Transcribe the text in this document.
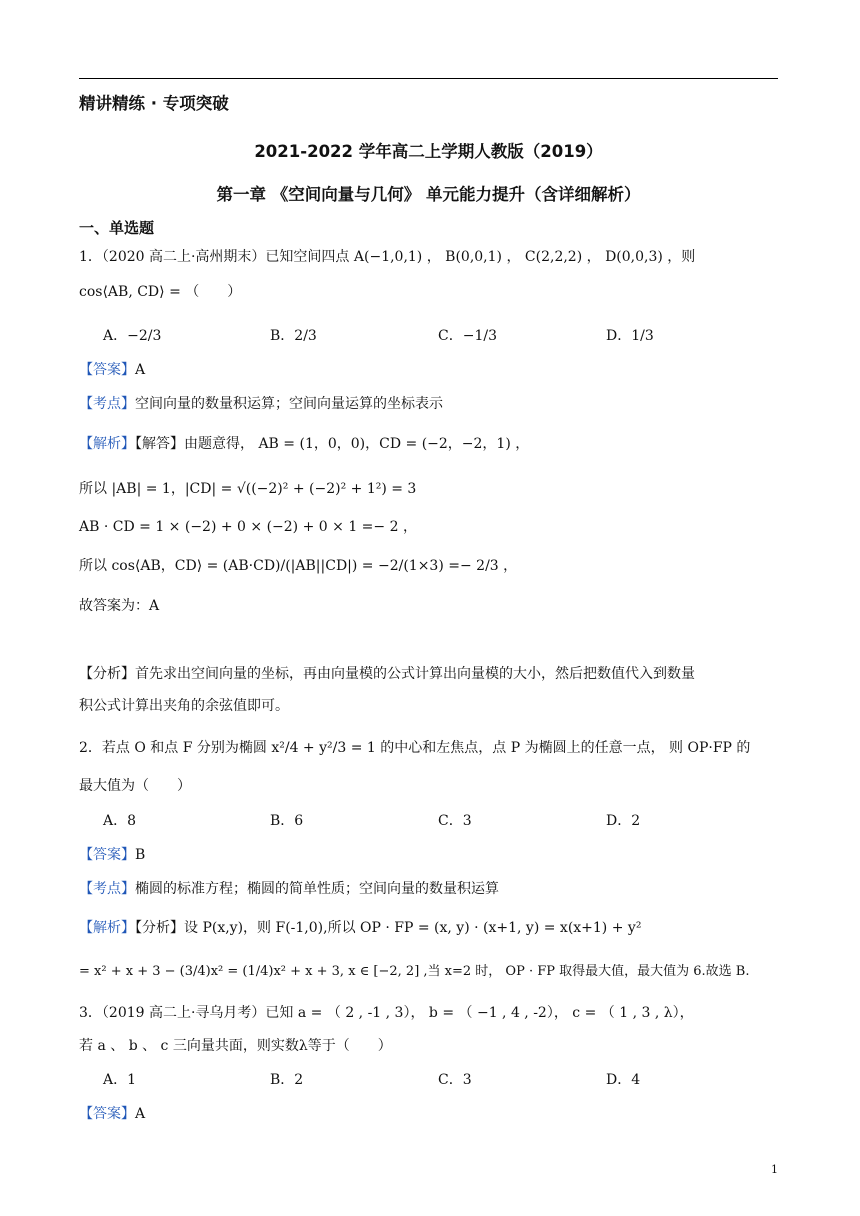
精讲精练 · 专项突破
2021-2022 学年高二上学期人教版（2019）
第一章 《空间向量与几何》 单元能力提升（含详细解析）
一、单选题
1．（2020 高二上·高州期末）已知空间四点 A(−1,0,1) ， B(0,0,1) ， C(2,2,2) ， D(0,0,3) ，则
cos⟨AB, CD⟩ = （　　）
A．−2/3	B．2/3	C．−1/3	D．1/3
【答案】A
【考点】空间向量的数量积运算；空间向量运算的坐标表示
【解析】【解答】由题意得， AB = (1，0，0)，CD = (−2，−2，1) ，
所以 |AB| = 1，|CD| = √((−2)² + (−2)² + 1²) = 3
AB · CD = 1 × (−2) + 0 × (−2) + 0 × 1 =− 2 ，
所以 cos⟨AB，CD⟩ = (AB·CD)/(|AB||CD|) = −2/(1×3) =− 2/3 ，
故答案为：A
【分析】首先求出空间向量的坐标，再由向量模的公式计算出向量模的大小，然后把数值代入到数量
积公式计算出夹角的余弦值即可。
2．若点 O 和点 F 分别为椭圆 x²/4 + y²/3 = 1 的中心和左焦点，点 P 为椭圆上的任意一点， 则 OP·FP 的
最大值为（　　）
A．8	B．6	C．3	D．2
【答案】B
【考点】椭圆的标准方程；椭圆的简单性质；空间向量的数量积运算
【解析】【分析】设 P(x,y)，则 F(-1,0),所以 OP · FP = (x, y) · (x+1, y) = x(x+1) + y²
= x² + x + 3 − (3/4)x² = (1/4)x² + x + 3, x ∈ [−2, 2] ,当 x=2 时， OP · FP 取得最大值，最大值为 6.故选 B.
3．（2019 高二上·寻乌月考）已知 a = （ 2 , -1 , 3）， b = （ −1 , 4 , -2）， c = （ 1 , 3 , λ），
若 a 、 b 、 c 三向量共面，则实数λ等于（　　）
A．1	B．2	C．3	D．4
【答案】A
1
